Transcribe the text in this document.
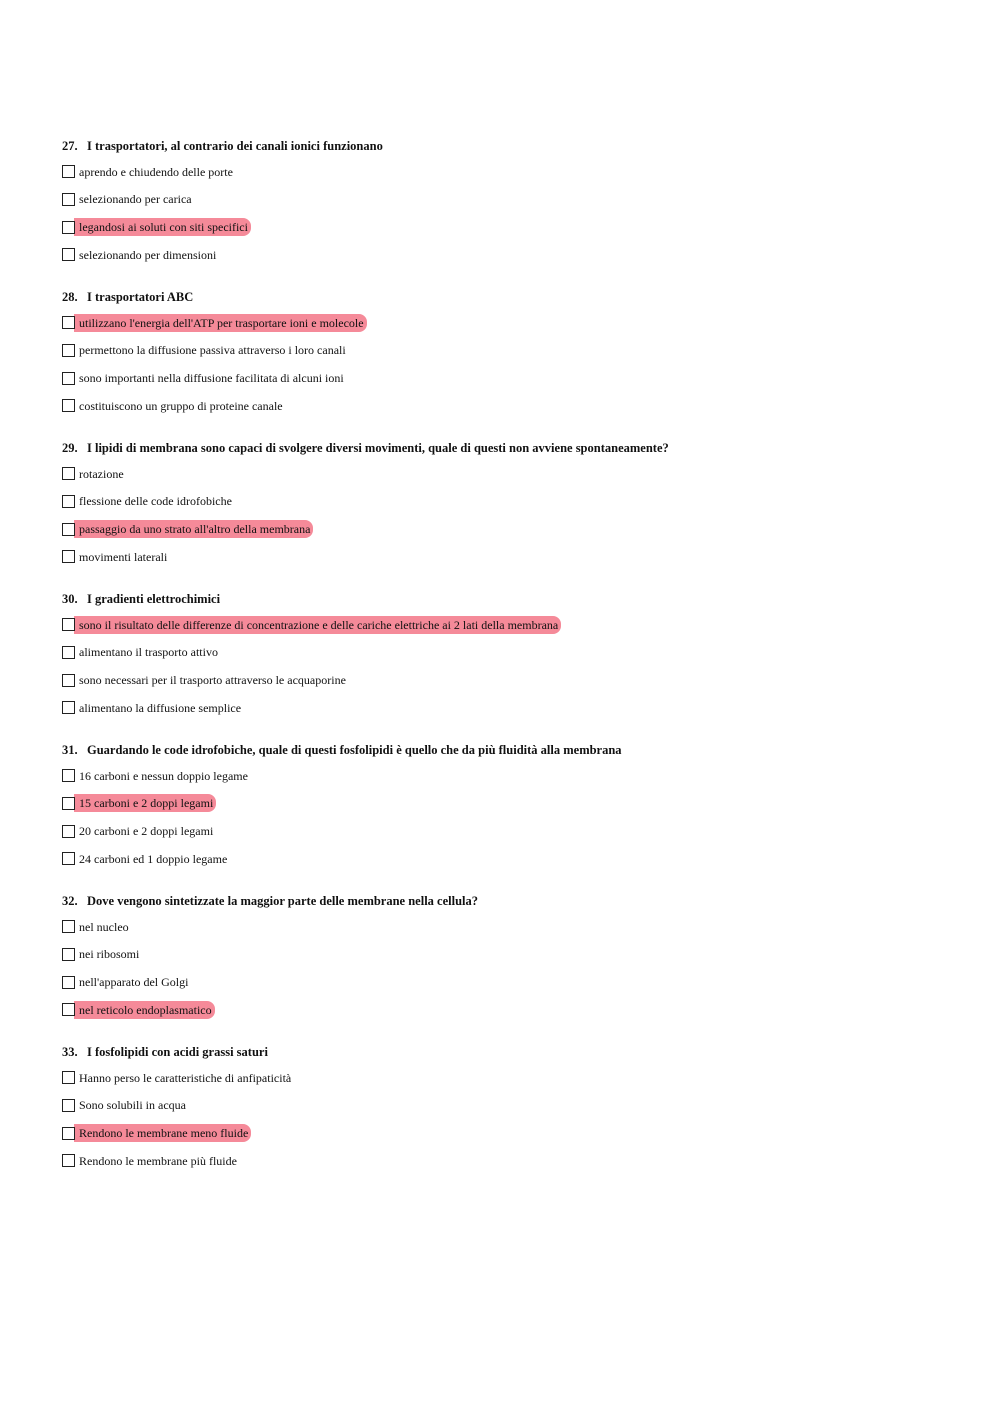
27. I trasportatori, al contrario dei canali ionici funzionano
aprendo e chiudendo delle porte
selezionando per carica
legandosi ai soluti con siti specifici
selezionando per dimensioni
28. I trasportatori ABC
utilizzano l'energia dell'ATP per trasportare ioni e molecole
permettono la diffusione passiva attraverso i loro canali
sono importanti nella diffusione facilitata di alcuni ioni
costituiscono un gruppo di proteine canale
29. I lipidi di membrana sono capaci di svolgere diversi movimenti, quale di questi non avviene spontaneamente?
rotazione
flessione delle code idrofobiche
passaggio da uno strato all'altro della membrana
movimenti laterali
30. I gradienti elettrochimici
sono il risultato delle differenze di concentrazione e delle cariche elettriche ai 2 lati della membrana
alimentano il trasporto attivo
sono necessari per il trasporto attraverso le acquaporine
alimentano la diffusione semplice
31. Guardando le code idrofobiche, quale di questi fosfolipidi è quello che da più fluidità alla membrana
16 carboni e nessun doppio legame
15 carboni e 2 doppi legami
20 carboni e 2 doppi legami
24 carboni ed 1 doppio legame
32. Dove vengono sintetizzate la maggior parte delle membrane nella cellula?
nel nucleo
nei ribosomi
nell'apparato del Golgi
nel reticolo endoplasmatico
33. I fosfolipidi con acidi grassi saturi
Hanno perso le caratteristiche di anfipaticità
Sono solubili in acqua
Rendono le membrane meno fluide
Rendono le membrane più fluide
